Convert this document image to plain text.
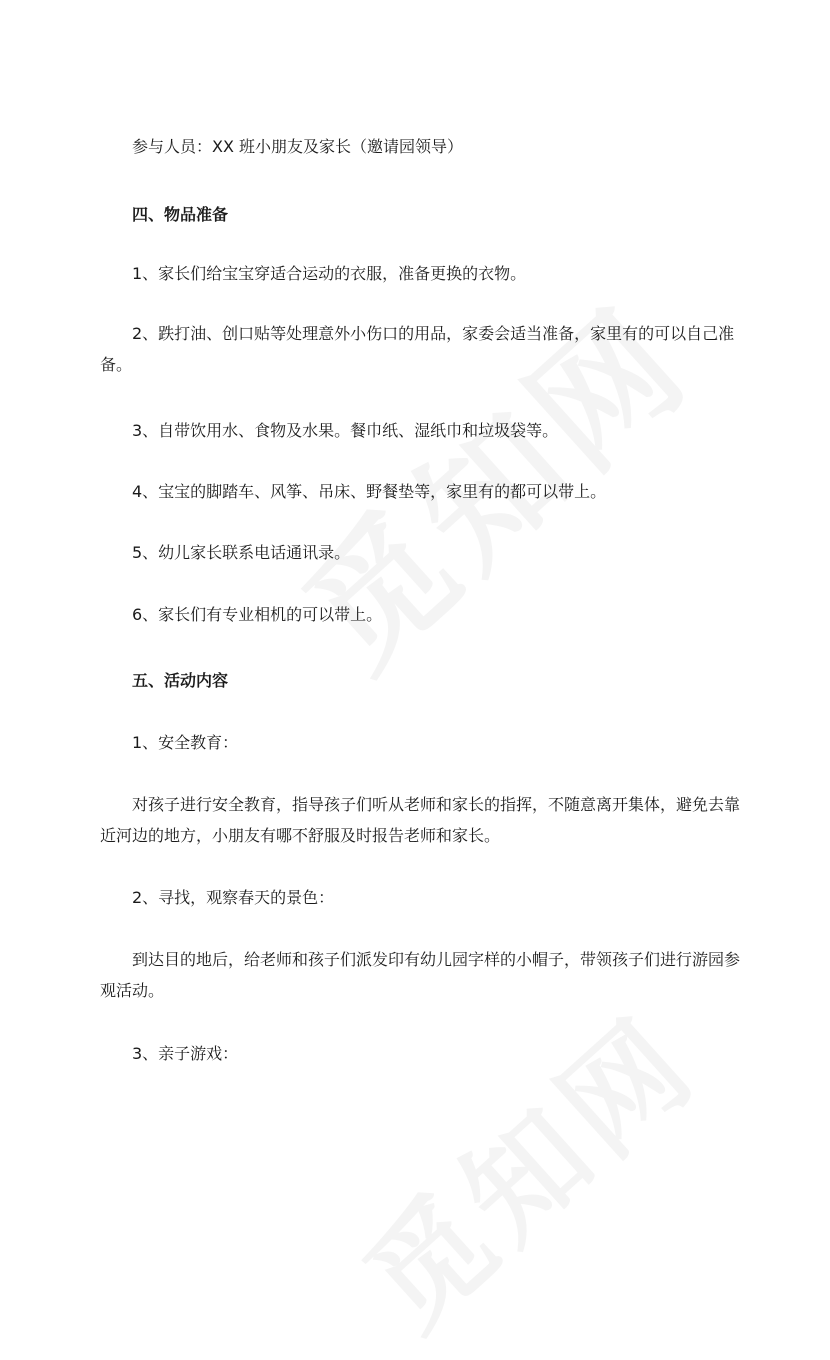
参与人员：XX 班小朋友及家长（邀请园领导）

四、物品准备

1、家长们给宝宝穿适合运动的衣服，准备更换的衣物。

2、跌打油、创口贴等处理意外小伤口的用品，家委会适当准备，家里有的可以自己准备。

3、自带饮用水、食物及水果。餐巾纸、湿纸巾和垃圾袋等。

4、宝宝的脚踏车、风筝、吊床、野餐垫等，家里有的都可以带上。

5、幼儿家长联系电话通讯录。

6、家长们有专业相机的可以带上。

五、活动内容

1、安全教育：

对孩子进行安全教育，指导孩子们听从老师和家长的指挥，不随意离开集体，避免去靠近河边的地方，小朋友有哪不舒服及时报告老师和家长。

2、寻找，观察春天的景色：

到达目的地后，给老师和孩子们派发印有幼儿园字样的小帽子，带领孩子们进行游园参观活动。

3、亲子游戏：
